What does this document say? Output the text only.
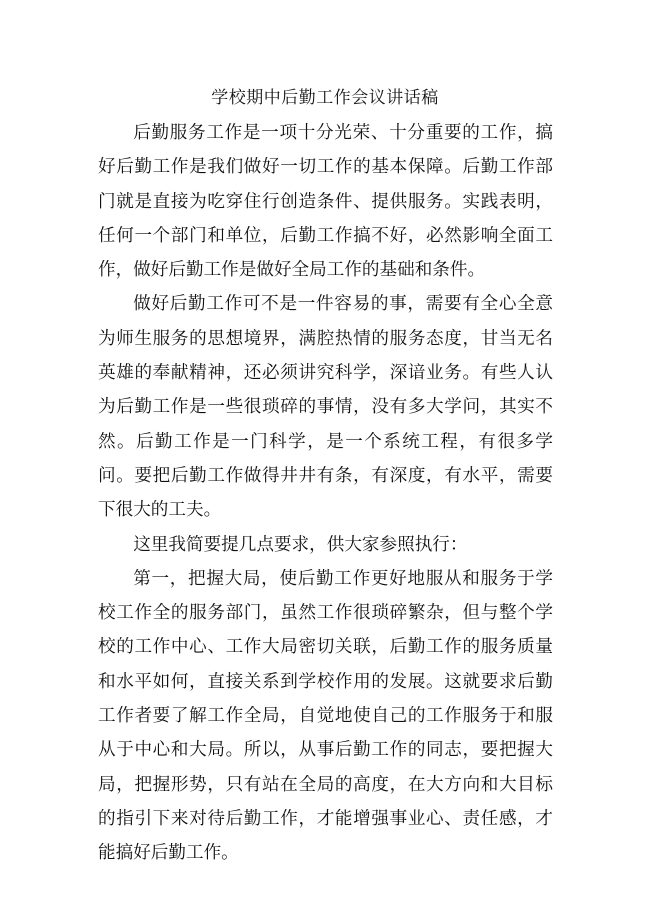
学校期中后勤工作会议讲话稿

后勤服务工作是一项十分光荣、十分重要的工作，搞好后勤工作是我们做好一切工作的基本保障。后勤工作部门就是直接为吃穿住行创造条件、提供服务。实践表明，任何一个部门和单位，后勤工作搞不好，必然影响全面工作，做好后勤工作是做好全局工作的基础和条件。

做好后勤工作可不是一件容易的事，需要有全心全意为师生服务的思想境界，满腔热情的服务态度，甘当无名英雄的奉献精神，还必须讲究科学，深谙业务。有些人认为后勤工作是一些很琐碎的事情，没有多大学问，其实不然。后勤工作是一门科学，是一个系统工程，有很多学问。要把后勤工作做得井井有条，有深度，有水平，需要下很大的工夫。

这里我简要提几点要求，供大家参照执行：

第一，把握大局，使后勤工作更好地服从和服务于学校工作全的服务部门，虽然工作很琐碎繁杂，但与整个学校的工作中心、工作大局密切关联，后勤工作的服务质量和水平如何，直接关系到学校作用的发展。这就要求后勤工作者要了解工作全局，自觉地使自己的工作服务于和服从于中心和大局。所以，从事后勤工作的同志，要把握大局，把握形势，只有站在全局的高度，在大方向和大目标的指引下来对待后勤工作，才能增强事业心、责任感，才能搞好后勤工作。
